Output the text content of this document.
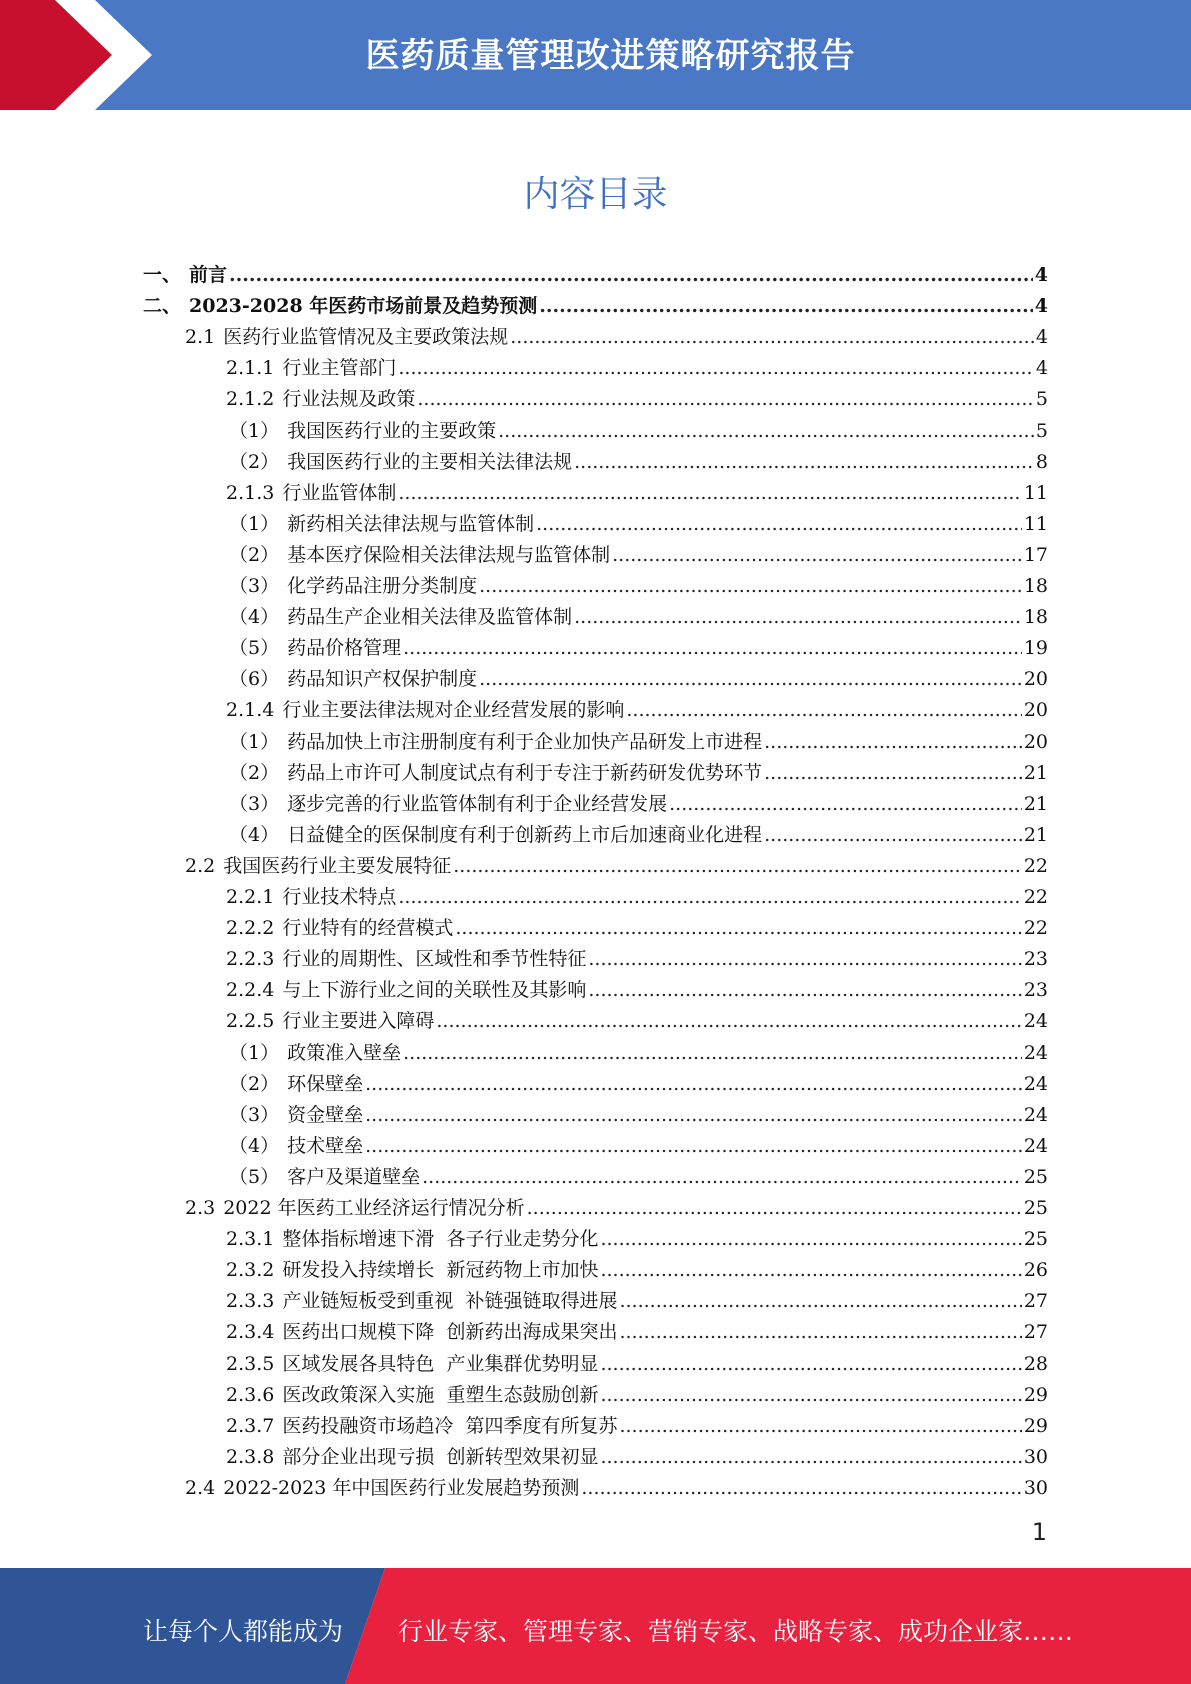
医药质量管理改进策略研究报告
内容目录
一、 前言 .....	4
二、 2023-2028 年医药市场前景及趋势预测 .....	4
2.1 医药行业监管情况及主要政策法规 .....	4
2.1.1 行业主管部门 .....	4
2.1.2 行业法规及政策 .....	5
（1） 我国医药行业的主要政策 .....	5
（2） 我国医药行业的主要相关法律法规 .....	8
2.1.3 行业监管体制 .....	11
（1） 新药相关法律法规与监管体制 .....	11
（2） 基本医疗保险相关法律法规与监管体制 .....	17
（3） 化学药品注册分类制度 .....	18
（4） 药品生产企业相关法律及监管体制 .....	18
（5） 药品价格管理 .....	19
（6） 药品知识产权保护制度 .....	20
2.1.4 行业主要法律法规对企业经营发展的影响 .....	20
（1） 药品加快上市注册制度有利于企业加快产品研发上市进程 .....	20
（2） 药品上市许可人制度试点有利于专注于新药研发优势环节 .....	21
（3） 逐步完善的行业监管体制有利于企业经营发展 .....	21
（4） 日益健全的医保制度有利于创新药上市后加速商业化进程 .....	21
2.2 我国医药行业主要发展特征 .....	22
2.2.1 行业技术特点 .....	22
2.2.2 行业特有的经营模式 .....	22
2.2.3 行业的周期性、区域性和季节性特征 .....	23
2.2.4 与上下游行业之间的关联性及其影响 .....	23
2.2.5 行业主要进入障碍 .....	24
（1） 政策准入壁垒 .....	24
（2） 环保壁垒 .....	24
（3） 资金壁垒 .....	24
（4） 技术壁垒 .....	24
（5） 客户及渠道壁垒 .....	25
2.3 2022 年医药工业经济运行情况分析 .....	25
2.3.1 整体指标增速下滑  各子行业走势分化 .....	25
2.3.2 研发投入持续增长  新冠药物上市加快 .....	26
2.3.3 产业链短板受到重视  补链强链取得进展 .....	27
2.3.4 医药出口规模下降  创新药出海成果突出 .....	27
2.3.5 区域发展各具特色  产业集群优势明显 .....	28
2.3.6 医改政策深入实施  重塑生态鼓励创新 .....	29
2.3.7 医药投融资市场趋冷  第四季度有所复苏 .....	29
2.3.8 部分企业出现亏损  创新转型效果初显 .....	30
2.4 2022-2023 年中国医药行业发展趋势预测 .....	30
1
让每个人都能成为 行业专家、管理专家、营销专家、战略专家、成功企业家……
